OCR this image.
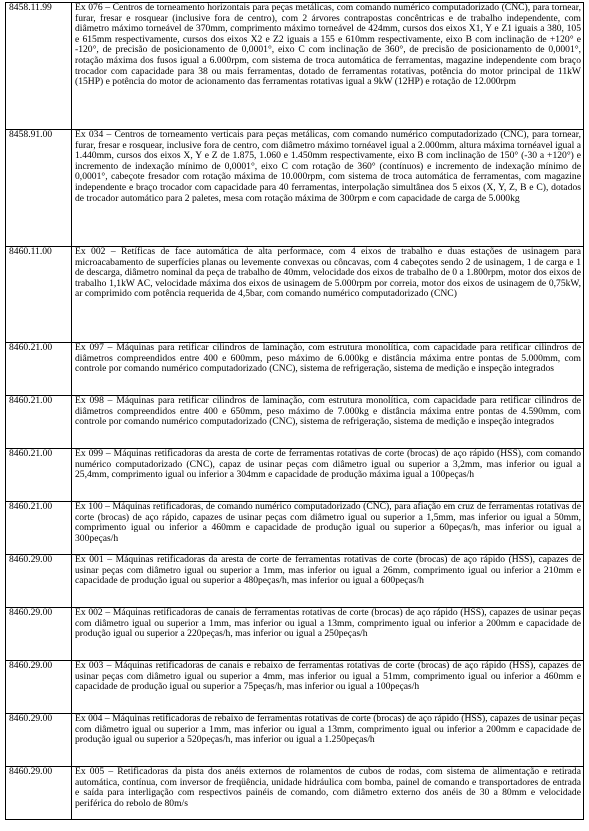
8458.11.99	Ex 076 – Centros de torneamento horizontais para peças metálicas, com comando numérico computadorizado (CNC), para tornear, furar, fresar e rosquear (inclusive fora de centro), com 2 árvores contrapostas concêntricas e de trabalho independente, com diâmetro máximo torneável de 370mm, comprimento máximo torneável de 424mm, cursos dos eixos X1, Y e Z1 iguais a 380, 105 e 615mm respectivamente, cursos dos eixos X2 e Z2 iguais a 155 e 610mm respectivamente, eixo B com inclinação de +120° e -120°, de precisão de posicionamento de 0,0001°, eixo C com inclinação de 360°, de precisão de posicionamento de 0,0001°, rotação máxima dos fusos igual a 6.000rpm, com sistema de troca automática de ferramentas, magazine independente com braço trocador com capacidade para 38 ou mais ferramentas, dotado de ferramentas rotativas, potência do motor principal de 11kW (15HP) e potência do motor de acionamento das ferramentas rotativas igual a 9kW (12HP) e rotação de 12.000rpm
8458.91.00	Ex 034 – Centros de torneamento verticais para peças metálicas, com comando numérico computadorizado (CNC), para tornear, furar, fresar e rosquear, inclusive fora de centro, com diâmetro máximo tornéavel igual a 2.000mm, altura máxima tornéavel igual a 1.440mm, cursos dos eixos X, Y e Z de 1.875, 1.060 e 1.450mm respectivamente, eixo B com inclinação de 150° (-30 a +120°) e incremento de indexação mínimo de 0,0001°, eixo C com rotação de 360° (contínuos) e incremento de indexação mínimo de 0,0001°, cabeçote fresador com rotação máxima de 10.000rpm, com sistema de troca automática de ferramentas, com magazine independente e braço trocador com capacidade para 40 ferramentas, interpolação simultânea dos 5 eixos (X, Y, Z, B e C), dotados de trocador automático para 2 paletes, mesa com rotação máxima de 300rpm e com capacidade de carga de 5.000kg
8460.11.00	Ex 002 – Retíficas de face automática de alta performace, com 4 eixos de trabalho e duas estações de usinagem para microacabamento de superfícies planas ou levemente convexas ou côncavas, com 4 cabeçotes sendo 2 de usinagem, 1 de carga e 1 de descarga, diâmetro nominal da peça de trabalho de 40mm, velocidade dos eixos de trabalho de 0 a 1.800rpm, motor dos eixos de trabalho 1,1kW AC, velocidade máxima dos eixos de usinagem de 5.000rpm por correia, motor dos eixos de usinagem de 0,75kW, ar comprimido com potência requerida de 4,5bar, com comando numérico computadorizado (CNC)
8460.21.00	Ex 097 – Máquinas para retificar cilindros de laminação, com estrutura monolítica, com capacidade para retificar cilindros de diâmetros compreendidos entre 400 e 600mm, peso máximo de 6.000kg e distância máxima entre pontas de 5.000mm, com controle por comando numérico computadorizado (CNC), sistema de refrigeração, sistema de medição e inspeção integrados
8460.21.00	Ex 098 – Máquinas para retificar cilindros de laminação, com estrutura monolítica, com capacidade para retificar cilindros de diâmetros compreendidos entre 400 e 650mm, peso máximo de 7.000kg e distância máxima entre pontas de 4.590mm, com controle por comando numérico computadorizado (CNC), sistema de refrigeração, sistema de medição e inspeção integrados
8460.21.00	Ex 099 – Máquinas retificadoras da aresta de corte de ferramentas rotativas de corte (brocas) de aço rápido (HSS), com comando numérico computadorizado (CNC), capaz de usinar peças com diâmetro igual ou superior a 3,2mm, mas inferior ou igual a 25,4mm, comprimento igual ou inferior a 304mm e capacidade de produção máxima igual a 100peças/h
8460.21.00	Ex 100 – Máquinas retificadoras, de comando numérico computadorizado (CNC), para afiação em cruz de ferramentas rotativas de corte (brocas) de aço rápido, capazes de usinar peças com diâmetro igual ou superior a 1,5mm, mas inferior ou igual a 50mm, comprimento igual ou inferior a 460mm e capacidade de produção igual ou superior a 60peças/h, mas inferior ou igual a 300peças/h
8460.29.00	Ex 001 – Máquinas retificadoras da aresta de corte de ferramentas rotativas de corte (brocas) de aço rápido (HSS), capazes de usinar peças com diâmetro igual ou superior a 1mm, mas inferior ou igual a 26mm, comprimento igual ou inferior a 210mm e capacidade de produção igual ou superior a 480peças/h, mas inferior ou igual a 600peças/h
8460.29.00	Ex 002 – Máquinas retificadoras de canais de ferramentas rotativas de corte (brocas) de aço rápido (HSS), capazes de usinar peças com diâmetro igual ou superior a 1mm, mas inferior ou igual a 13mm, comprimento igual ou inferior a 200mm e capacidade de produção igual ou superior a 220peças/h, mas inferior ou igual a 250peças/h
8460.29.00	Ex 003 – Máquinas retificadoras de canais e rebaixo de ferramentas rotativas de corte (brocas) de aço rápido (HSS), capazes de usinar peças com diâmetro igual ou superior a 4mm, mas inferior ou igual a 51mm, comprimento igual ou inferior a 460mm e capacidade de produção igual ou superior a 75peças/h, mas inferior ou igual a 100peças/h
8460.29.00	Ex 004 – Máquinas retificadoras de rebaixo de ferramentas rotativas de corte (brocas) de aço rápido (HSS), capazes de usinar peças com diâmetro igual ou superior a 1mm, mas inferior ou igual a 13mm, comprimento igual ou inferior a 200mm e capacidade de produção igual ou superior a 520peças/h, mas inferior ou igual a 1.250peças/h
8460.29.00	Ex 005 – Retificadoras da pista dos anéis externos de rolamentos de cubos de rodas, com sistema de alimentação e retirada automática, contínua, com inversor de freqüência, unidade hidráulica com bomba, painel de comando e transportadores de entrada e saída para interligação com respectivos painéis de comando, com diâmetro externo dos anéis de 30 a 80mm e velocidade periférica do rebolo de 80m/s
